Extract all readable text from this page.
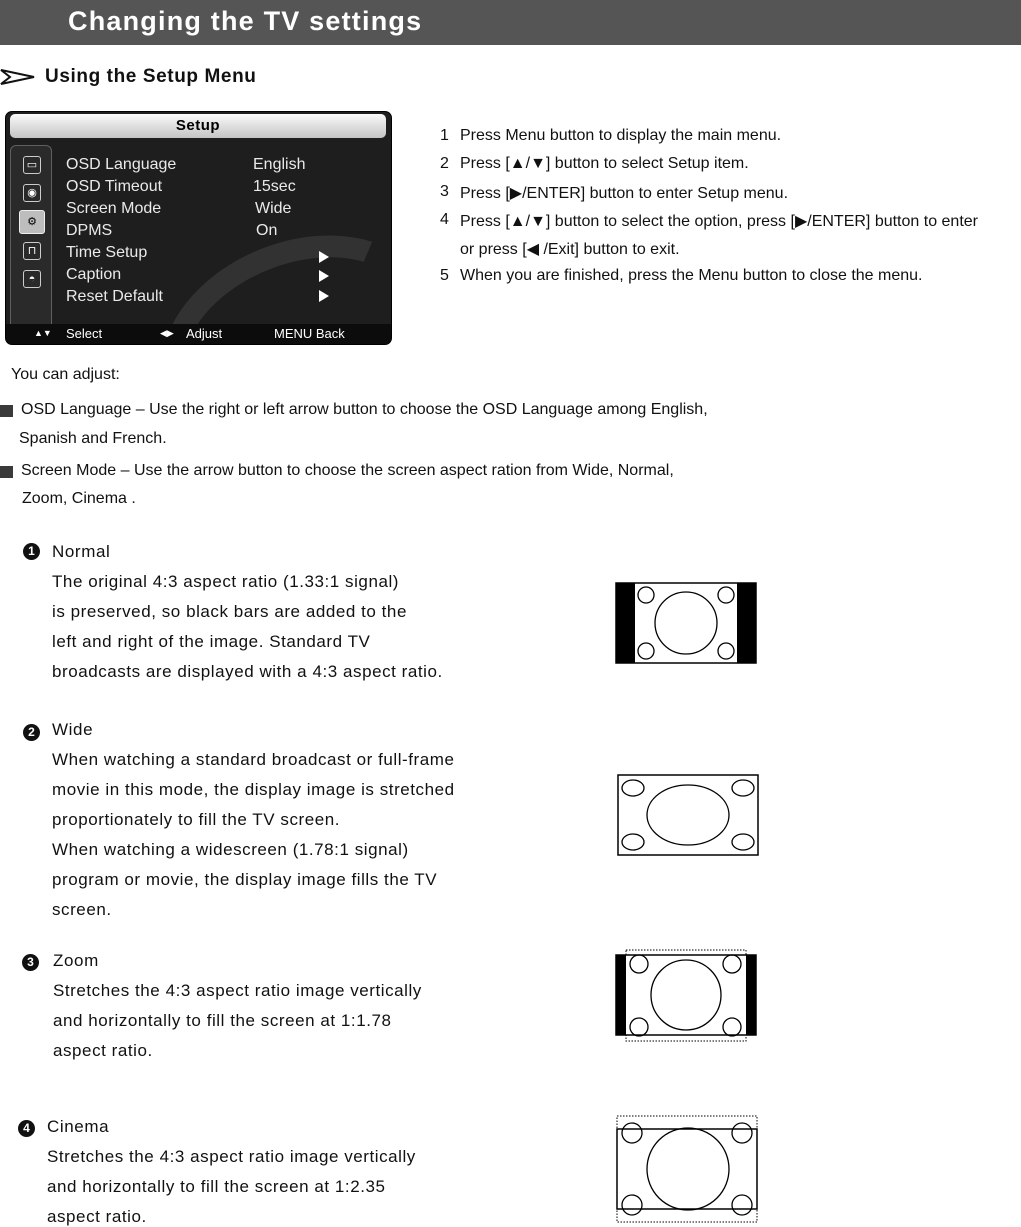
Changing the TV settings
Using the Setup Menu
Setup
▭
◉
⚙
⊓
◓
OSD Language	English
OSD Timeout	15sec
Screen Mode	Wide
DPMS	On
Time Setup
Caption
Reset Default
▲▼ Select	◀▶ Adjust	MENU Back
1 Press Menu button to display the main menu.
2 Press [▲/▼] button to select Setup item.
3 Press [▶/ENTER] button to enter Setup menu.
4 Press [▲/▼] button to select the option, press [▶/ENTER] button to enter
or press [◀ /Exit] button to exit.
5 When you are finished, press the Menu button to close the menu.
You can adjust:
OSD Language – Use the right or left arrow button to choose the OSD Language among English,
Spanish and French.
Screen Mode – Use the arrow button to choose the screen aspect ration from Wide, Normal,
Zoom, Cinema .
1	Normal
The original 4:3 aspect ratio (1.33:1 signal)
is preserved, so black bars are added to the
left and right of the image. Standard TV
broadcasts are displayed with a 4:3 aspect ratio.
2	Wide
When watching a standard broadcast or full-frame
movie in this mode, the display image is stretched
proportionately to fill the TV screen.
When watching a widescreen (1.78:1 signal)
program or movie, the display image fills the TV
screen.
3	Zoom
Stretches the 4:3 aspect ratio image vertically
and horizontally to fill the screen at 1:1.78
aspect ratio.
4	Cinema
Stretches the 4:3 aspect ratio image vertically
and horizontally to fill the screen at 1:2.35
aspect ratio.
